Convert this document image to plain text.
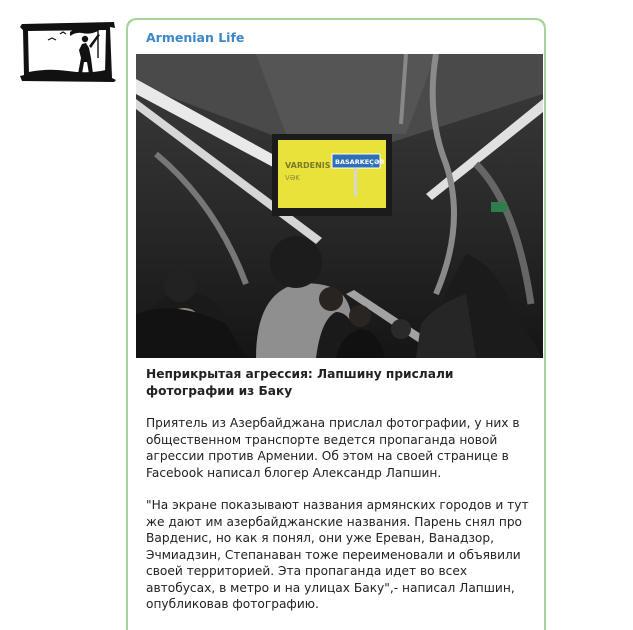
Armenian Life
VARDENIS
VƏK
BASARKEÇƏR
Неприкрытая агрессия: Лапшину прислали фотографии из Баку
Приятель из Азербайджана прислал фотографии, у них в общественном транспорте ведется пропаганда новой агрессии против Армении. Об этом на своей странице в Facebook написал блогер Александр Лапшин.
"На экране показывают названия армянских городов и тут же дают им азербайджанские названия. Парень снял про Варденис, но как я понял, они уже Ереван, Ванадзор, Эчмиадзин, Степанаван тоже переименовали и объявили своей территорией. Эта пропаганда идет во всех автобусах, в метро и на улицах Баку",- написал Лапшин, опубликовав фотографию.
